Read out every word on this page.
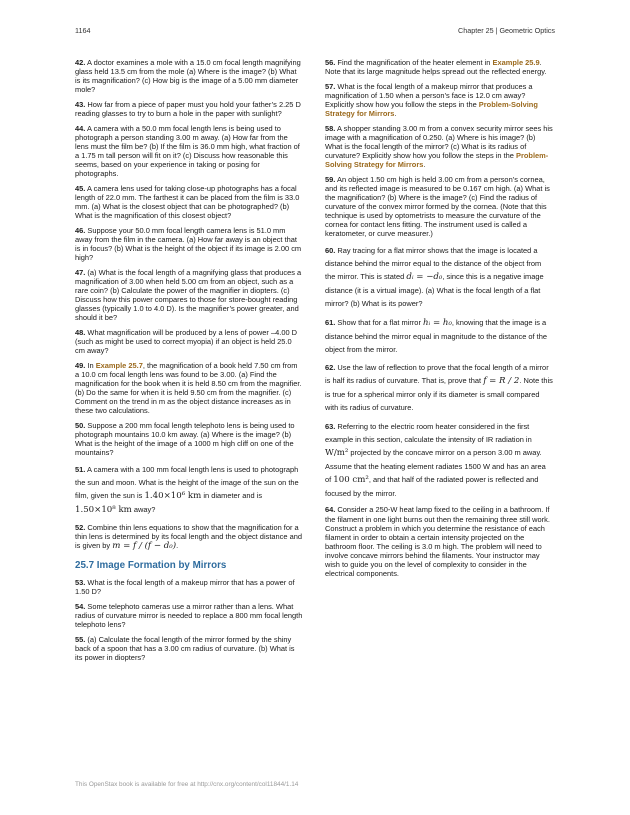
1164	Chapter 25 | Geometric Optics

42. A doctor examines a mole with a 15.0 cm focal length magnifying glass held 13.5 cm from the mole (a) Where is the image? (b) What is its magnification? (c) How big is the image of a 5.00 mm diameter mole?

43. How far from a piece of paper must you hold your father’s 2.25 D reading glasses to try to burn a hole in the paper with sunlight?

44. A camera with a 50.0 mm focal length lens is being used to photograph a person standing 3.00 m away. (a) How far from the lens must the film be? (b) If the film is 36.0 mm high, what fraction of a 1.75 m tall person will fit on it? (c) Discuss how reasonable this seems, based on your experience in taking or posing for photographs.

45. A camera lens used for taking close-up photographs has a focal length of 22.0 mm. The farthest it can be placed from the film is 33.0 mm. (a) What is the closest object that can be photographed? (b) What is the magnification of this closest object?

46. Suppose your 50.0 mm focal length camera lens is 51.0 mm away from the film in the camera. (a) How far away is an object that is in focus? (b) What is the height of the object if its image is 2.00 cm high?

47. (a) What is the focal length of a magnifying glass that produces a magnification of 3.00 when held 5.00 cm from an object, such as a rare coin? (b) Calculate the power of the magnifier in diopters. (c) Discuss how this power compares to those for store-bought reading glasses (typically 1.0 to 4.0 D). Is the magnifier’s power greater, and should it be?

48. What magnification will be produced by a lens of power –4.00 D (such as might be used to correct myopia) if an object is held 25.0 cm away?

49. In Example 25.7, the magnification of a book held 7.50 cm from a 10.0 cm focal length lens was found to be 3.00. (a) Find the magnification for the book when it is held 8.50 cm from the magnifier. (b) Do the same for when it is held 9.50 cm from the magnifier. (c) Comment on the trend in m as the object distance increases as in these two calculations.

50. Suppose a 200 mm focal length telephoto lens is being used to photograph mountains 10.0 km away. (a) Where is the image? (b) What is the height of the image of a 1000 m high cliff on one of the mountains?

51. A camera with a 100 mm focal length lens is used to photograph the sun and moon. What is the height of the image of the sun on the film, given the sun is 1.40×10⁶ km in diameter and is 1.50×10⁸ km away?

52. Combine thin lens equations to show that the magnification for a thin lens is determined by its focal length and the object distance and is given by m = f / (f − d₀).

25.7 Image Formation by Mirrors

53. What is the focal length of a makeup mirror that has a power of 1.50 D?

54. Some telephoto cameras use a mirror rather than a lens. What radius of curvature mirror is needed to replace a 800 mm focal length telephoto lens?

55. (a) Calculate the focal length of the mirror formed by the shiny back of a spoon that has a 3.00 cm radius of curvature. (b) What is its power in diopters?

56. Find the magnification of the heater element in Example 25.9. Note that its large magnitude helps spread out the reflected energy.

57. What is the focal length of a makeup mirror that produces a magnification of 1.50 when a person’s face is 12.0 cm away? Explicitly show how you follow the steps in the Problem-Solving Strategy for Mirrors.

58. A shopper standing 3.00 m from a convex security mirror sees his image with a magnification of 0.250. (a) Where is his image? (b) What is the focal length of the mirror? (c) What is its radius of curvature? Explicitly show how you follow the steps in the Problem-Solving Strategy for Mirrors.

59. An object 1.50 cm high is held 3.00 cm from a person’s cornea, and its reflected image is measured to be 0.167 cm high. (a) What is the magnification? (b) Where is the image? (c) Find the radius of curvature of the convex mirror formed by the cornea. (Note that this technique is used by optometrists to measure the curvature of the cornea for contact lens fitting. The instrument used is called a keratometer, or curve measurer.)

60. Ray tracing for a flat mirror shows that the image is located a distance behind the mirror equal to the distance of the object from the mirror. This is stated dᵢ = −d₀, since this is a negative image distance (it is a virtual image). (a) What is the focal length of a flat mirror? (b) What is its power?

61. Show that for a flat mirror hᵢ = h₀, knowing that the image is a distance behind the mirror equal in magnitude to the distance of the object from the mirror.

62. Use the law of reflection to prove that the focal length of a mirror is half its radius of curvature. That is, prove that f = R / 2. Note this is true for a spherical mirror only if its diameter is small compared with its radius of curvature.

63. Referring to the electric room heater considered in the first example in this section, calculate the intensity of IR radiation in W/m² projected by the concave mirror on a person 3.00 m away. Assume that the heating element radiates 1500 W and has an area of 100 cm², and that half of the radiated power is reflected and focused by the mirror.

64. Consider a 250-W heat lamp fixed to the ceiling in a bathroom. If the filament in one light burns out then the remaining three still work. Construct a problem in which you determine the resistance of each filament in order to obtain a certain intensity projected on the bathroom floor. The ceiling is 3.0 m high. The problem will need to involve concave mirrors behind the filaments. Your instructor may wish to guide you on the level of complexity to consider in the electrical components.

This OpenStax book is available for free at http://cnx.org/content/col11844/1.14
